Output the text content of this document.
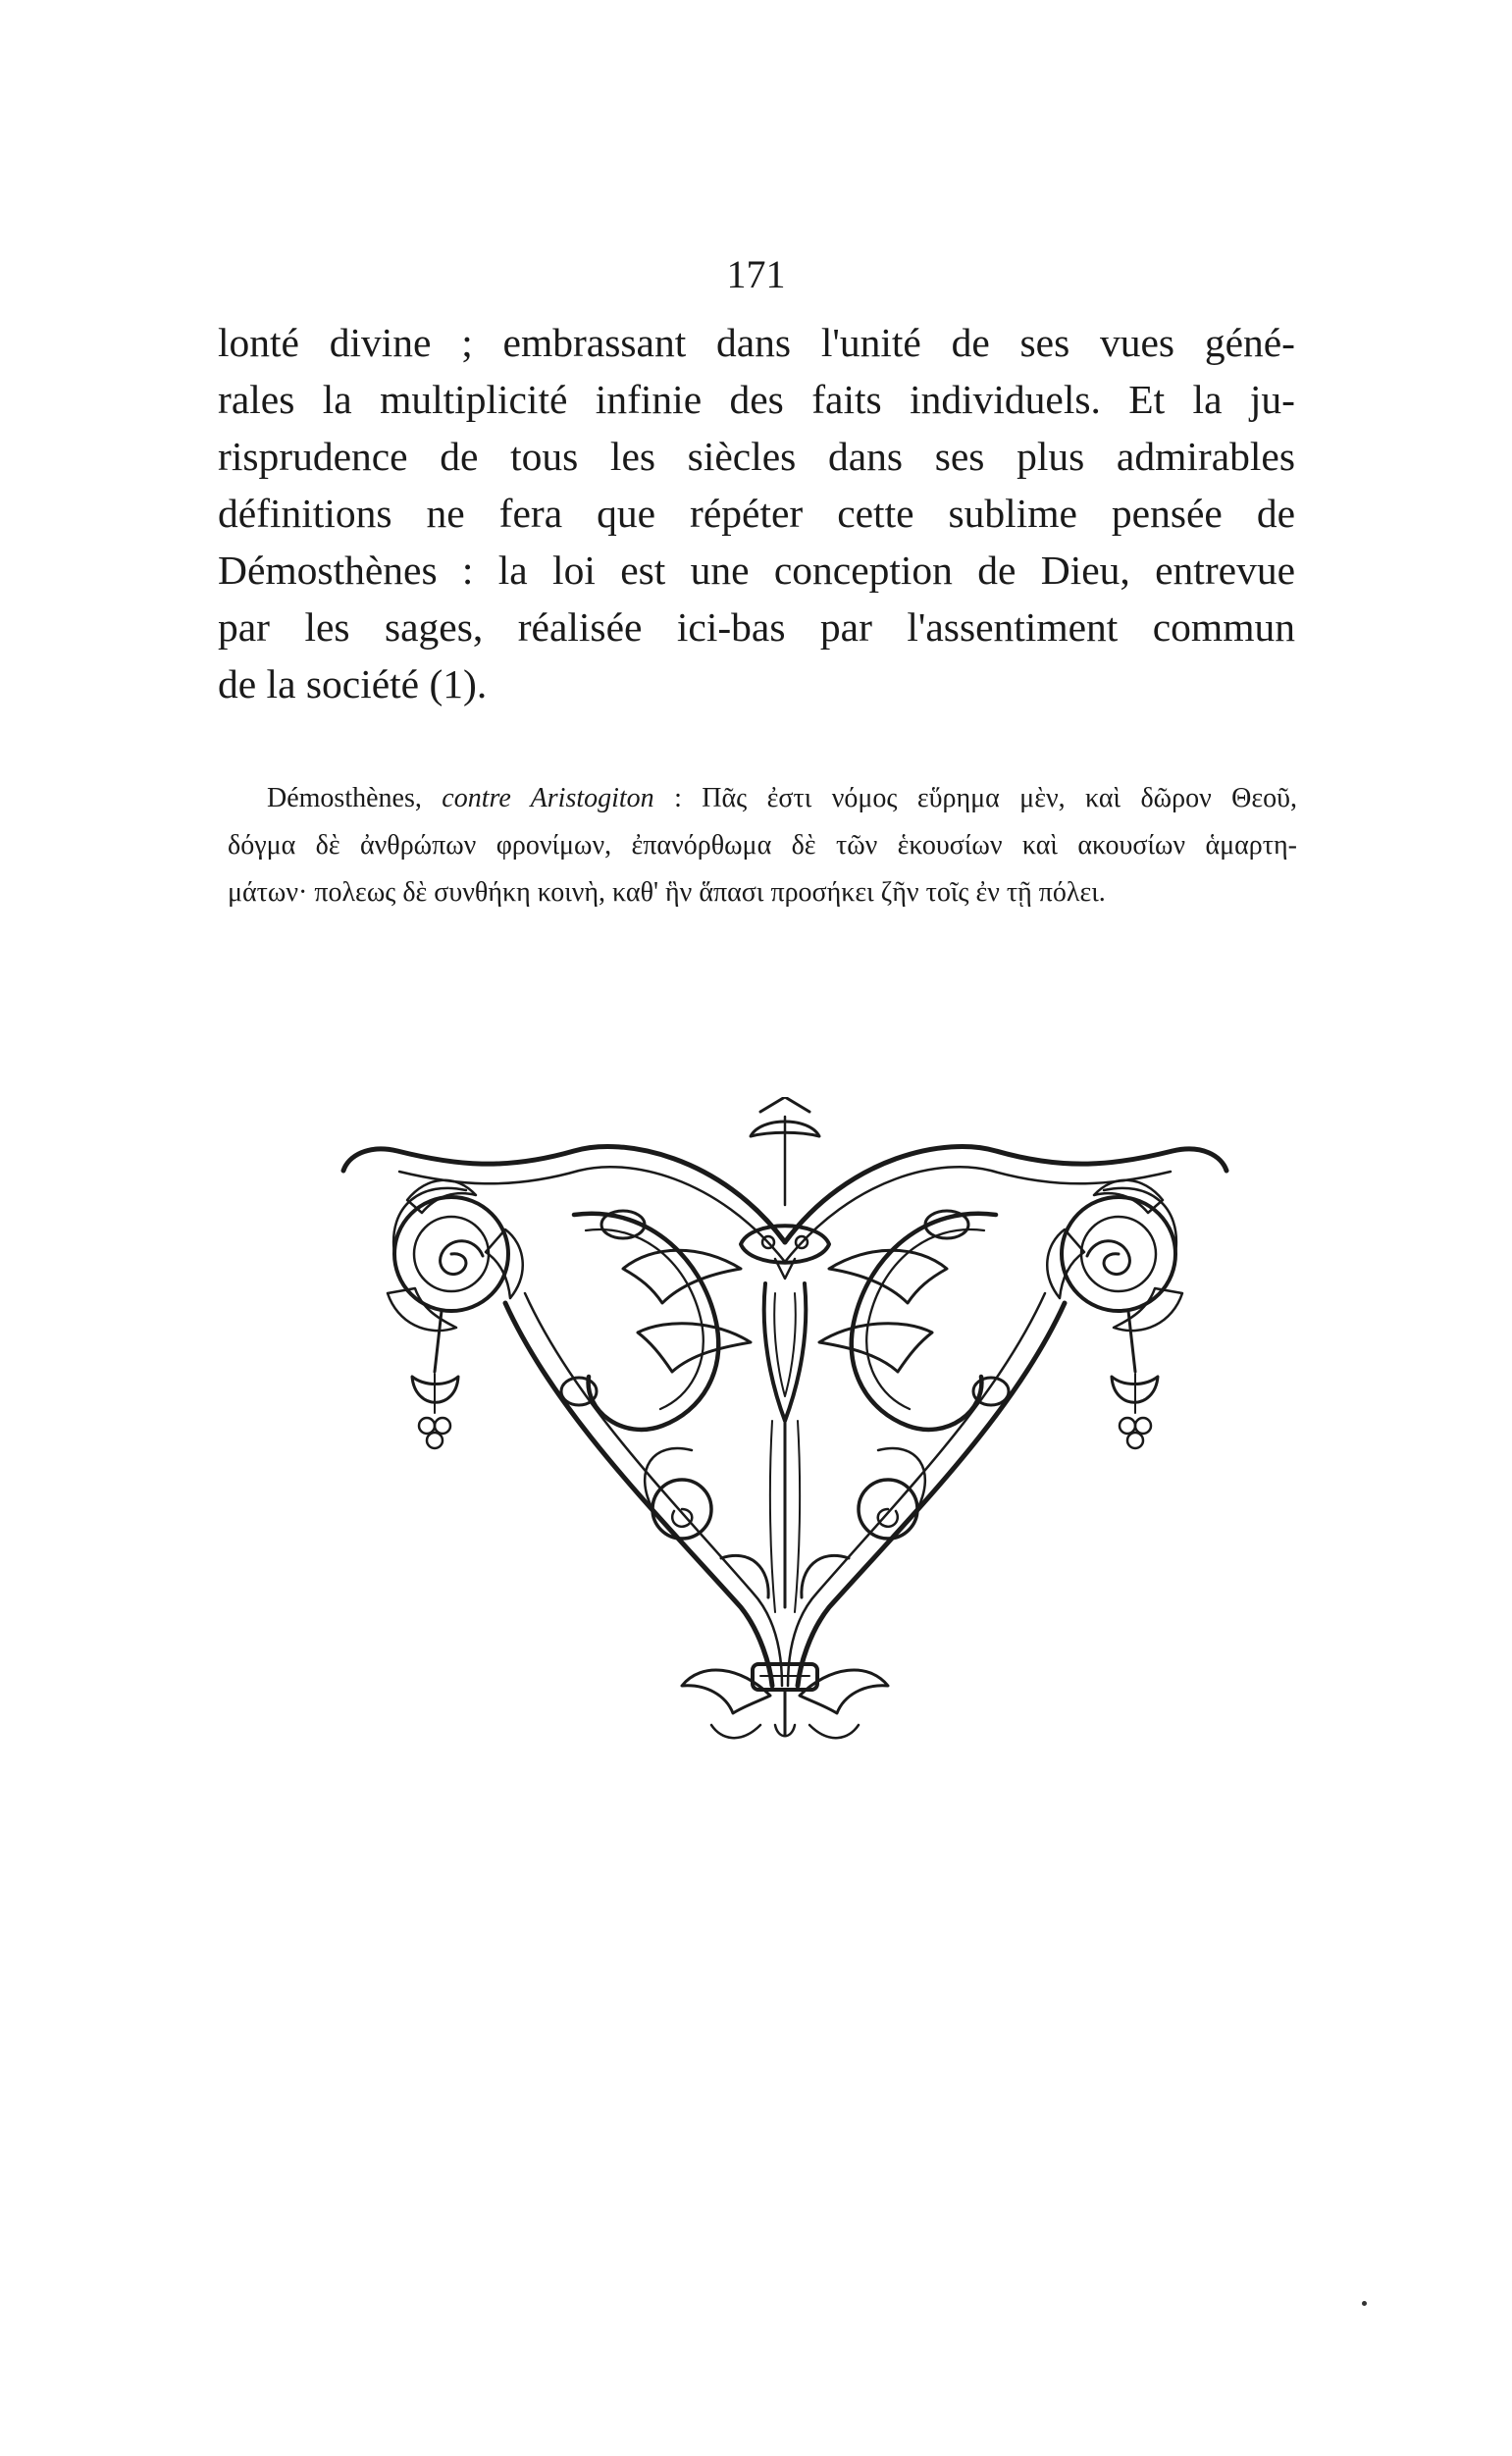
171
lonté divine ; embrassant dans l'unité de ses vues géné-
rales la multiplicité infinie des faits individuels. Et la ju-
risprudence de tous les siècles dans ses plus admirables
définitions ne fera que répéter cette sublime pensée de
Démosthènes : la loi est une conception de Dieu, entrevue
par les sages, réalisée ici-bas par l'assentiment commun
de la société (1).
Démosthènes, contre Aristogiton : Πᾶς ἐστι νόμος εὕρημα μὲν, καὶ δῶρον Θεοῦ,
δόγμα δὲ ἀνθρώπων φρονίμων, ἐπανόρθωμα δὲ τῶν ἑκουσίων καὶ ακουσίων ἁμαρτη-
μάτων· πολεως δὲ συνθήκη κοινὴ, καθ' ἣν ἅπασι προσήκει ζῆν τοῖς ἐν τῇ πόλει.
